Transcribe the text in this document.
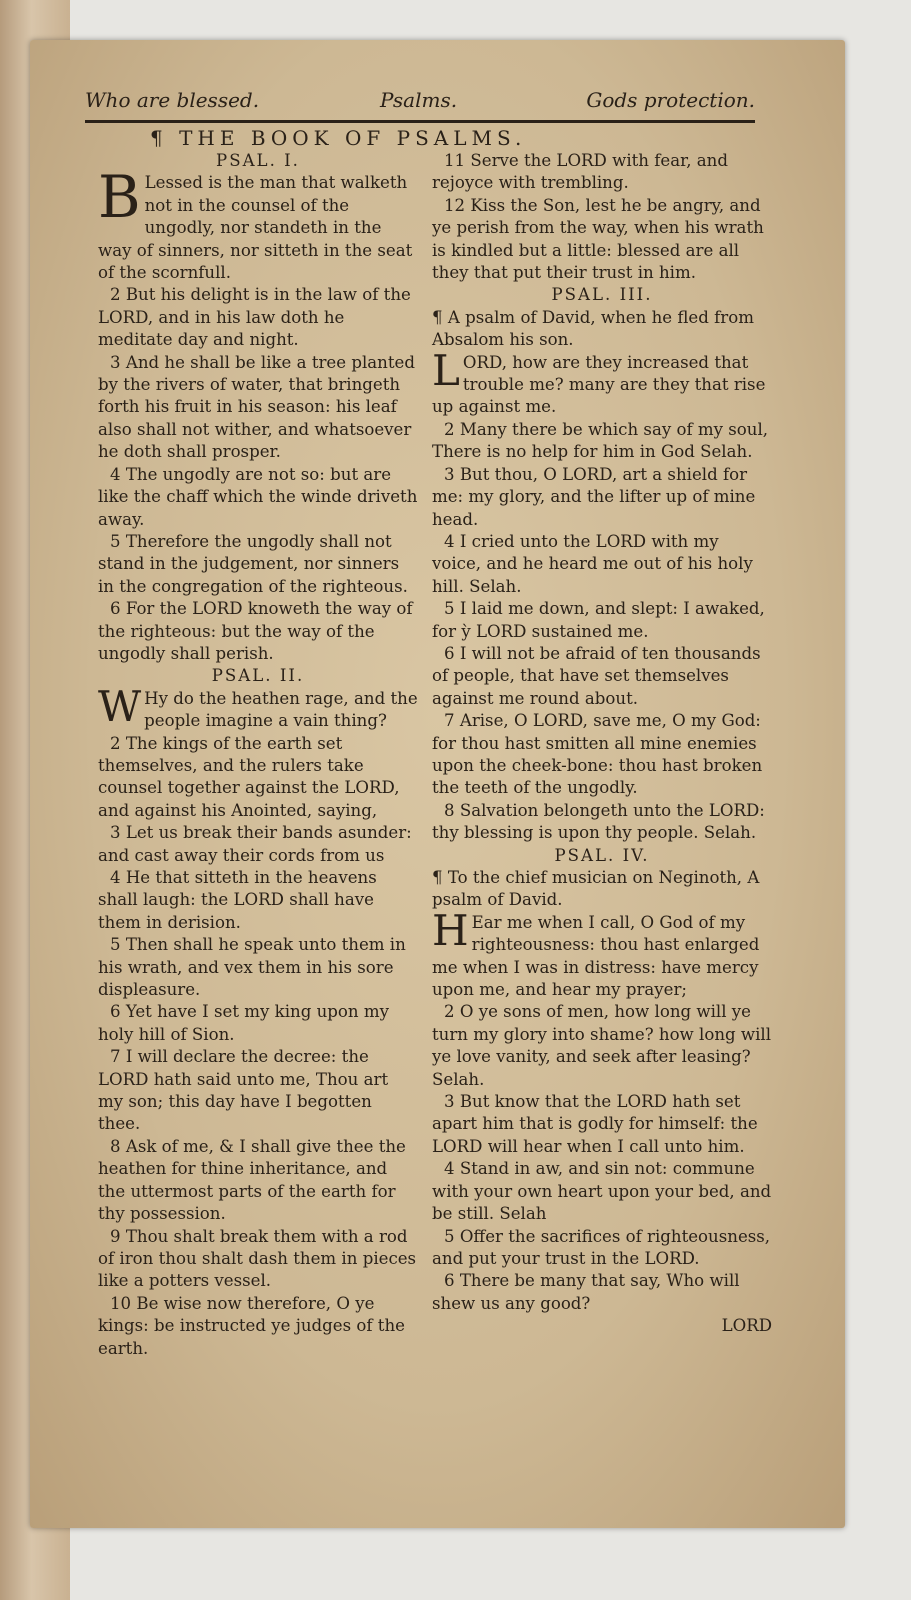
Who are blessed.	Psalms.	Gods protection.
¶ THE BOOK OF PSALMS.
PSAL. I.

B Lessed is the man that walketh not in the counsel of the ungodly, nor standeth in the way of sinners, nor sitteth in the seat of the scornfull.

2 But his delight is in the law of the LORD, and in his law doth he meditate day and night.

3 And he shall be like a tree planted by the rivers of water, that bringeth forth his fruit in his season: his leaf also shall not wither, and whatsoever he doth shall prosper.

4 The ungodly are not so: but are like the chaff which the winde driveth away.

5 Therefore the ungodly shall not stand in the judgement, nor sinners in the congregation of the righteous.

6 For the LORD knoweth the way of the righteous: but the way of the ungodly shall perish.

PSAL. II.

W Hy do the heathen rage, and the people imagine a vain thing?

2 The kings of the earth set themselves, and the rulers take counsel together against the LORD, and against his Anointed, saying,

3 Let us break their bands asunder: and cast away their cords from us

4 He that sitteth in the heavens shall laugh: the LORD shall have them in derision.

5 Then shall he speak unto them in his wrath, and vex them in his sore displeasure.

6 Yet have I set my king upon my holy hill of Sion.

7 I will declare the decree: the LORD hath said unto me, Thou art my son; this day have I begotten thee.

8 Ask of me, & I shall give thee the heathen for thine inheritance, and the uttermost parts of the earth for thy possession.

9 Thou shalt break them with a rod of iron thou shalt dash them in pieces like a potters vessel.

10 Be wise now therefore, O ye kings: be instructed ye judges of the earth.

11 Serve the LORD with fear, and rejoyce with trembling.

12 Kiss the Son, lest he be angry, and ye perish from the way, when his wrath is kindled but a little: blessed are all they that put their trust in him.

PSAL. III.

¶ A psalm of David, when he fled from Absalom his son.

L ORD, how are they increased that trouble me? many are they that rise up against me.

2 Many there be which say of my soul, There is no help for him in God Selah.

3 But thou, O LORD, art a shield for me: my glory, and the lifter up of mine head.

4 I cried unto the LORD with my voice, and he heard me out of his holy hill. Selah.

5 I laid me down, and slept: I awaked, for ỳ LORD sustained me.

6 I will not be afraid of ten thousands of people, that have set themselves against me round about.

7 Arise, O LORD, save me, O my God: for thou hast smitten all mine enemies upon the cheek-bone: thou hast broken the teeth of the ungodly.

8 Salvation belongeth unto the LORD: thy blessing is upon thy people. Selah.

PSAL. IV.

¶ To the chief musician on Neginoth, A psalm of David.

H Ear me when I call, O God of my righteousness: thou hast enlarged me when I was in distress: have mercy upon me, and hear my prayer;

2 O ye sons of men, how long will ye turn my glory into shame? how long will ye love vanity, and seek after leasing? Selah.

3 But know that the LORD hath set apart him that is godly for himself: the LORD will hear when I call unto him.

4 Stand in aw, and sin not: commune with your own heart upon your bed, and be still. Selah

5 Offer the sacrifices of righteousness, and put your trust in the LORD.

6 There be many that say, Who will shew us any good?

LORD
